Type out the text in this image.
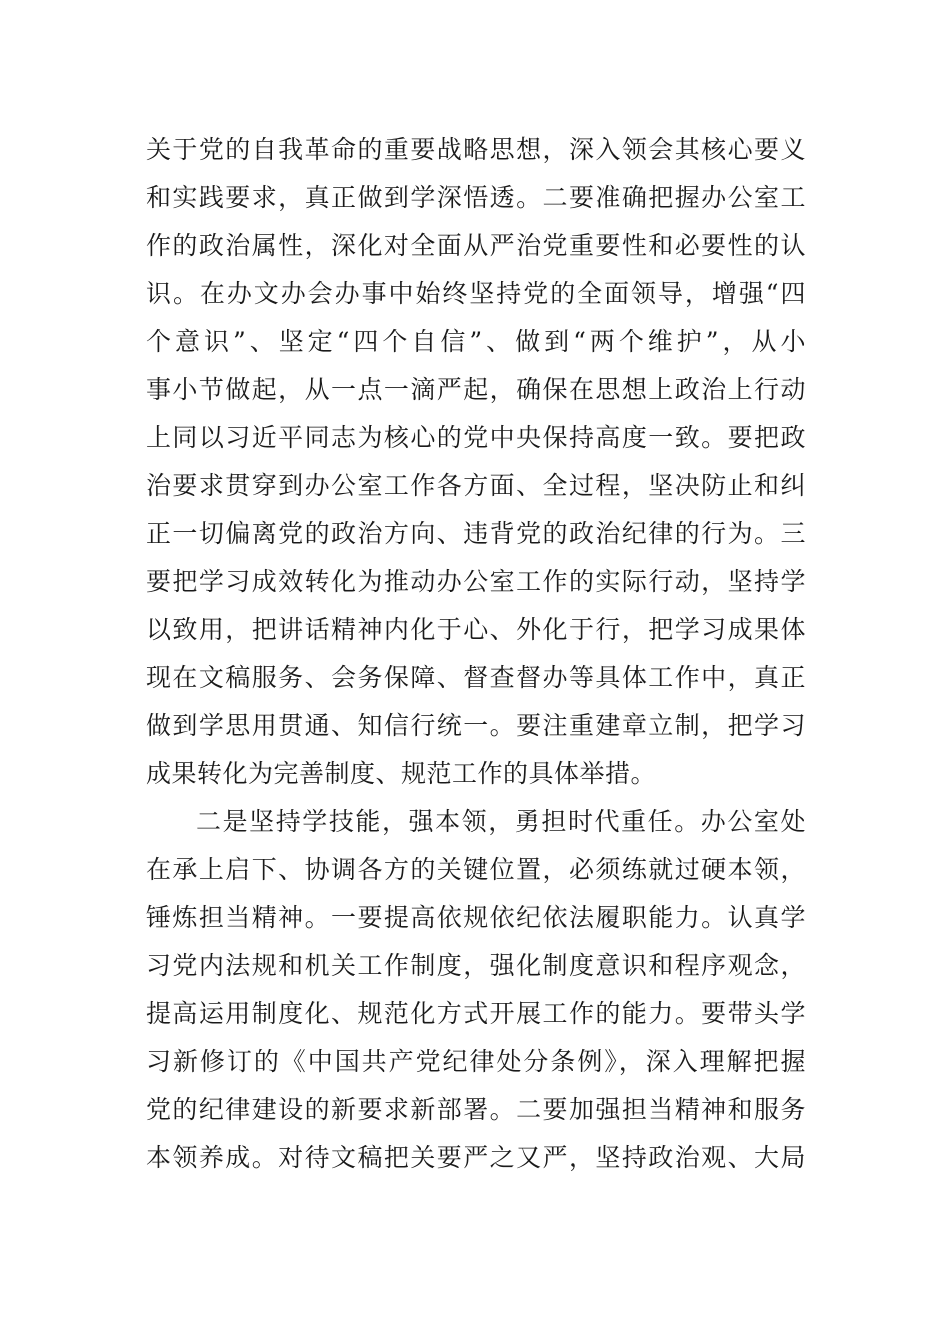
关于党的自我革命的重要战略思想，深入领会其核心要义
和实践要求，真正做到学深悟透。二要准确把握办公室工
作的政治属性，深化对全面从严治党重要性和必要性的认
识。在办文办会办事中始终坚持党的全面领导，增强“四
个意识”、坚定“四个自信”、做到“两个维护”，从小
事小节做起，从一点一滴严起，确保在思想上政治上行动
上同以习近平同志为核心的党中央保持高度一致。要把政
治要求贯穿到办公室工作各方面、全过程，坚决防止和纠
正一切偏离党的政治方向、违背党的政治纪律的行为。三
要把学习成效转化为推动办公室工作的实际行动，坚持学
以致用，把讲话精神内化于心、外化于行，把学习成果体
现在文稿服务、会务保障、督查督办等具体工作中，真正
做到学思用贯通、知信行统一。要注重建章立制，把学习
成果转化为完善制度、规范工作的具体举措。
二是坚持学技能，强本领，勇担时代重任。办公室处
在承上启下、协调各方的关键位置，必须练就过硬本领，
锤炼担当精神。一要提高依规依纪依法履职能力。认真学
习党内法规和机关工作制度，强化制度意识和程序观念，
提高运用制度化、规范化方式开展工作的能力。要带头学
习新修订的《中国共产党纪律处分条例》，深入理解把握
党的纪律建设的新要求新部署。二要加强担当精神和服务
本领养成。对待文稿把关要严之又严，坚持政治观、大局
